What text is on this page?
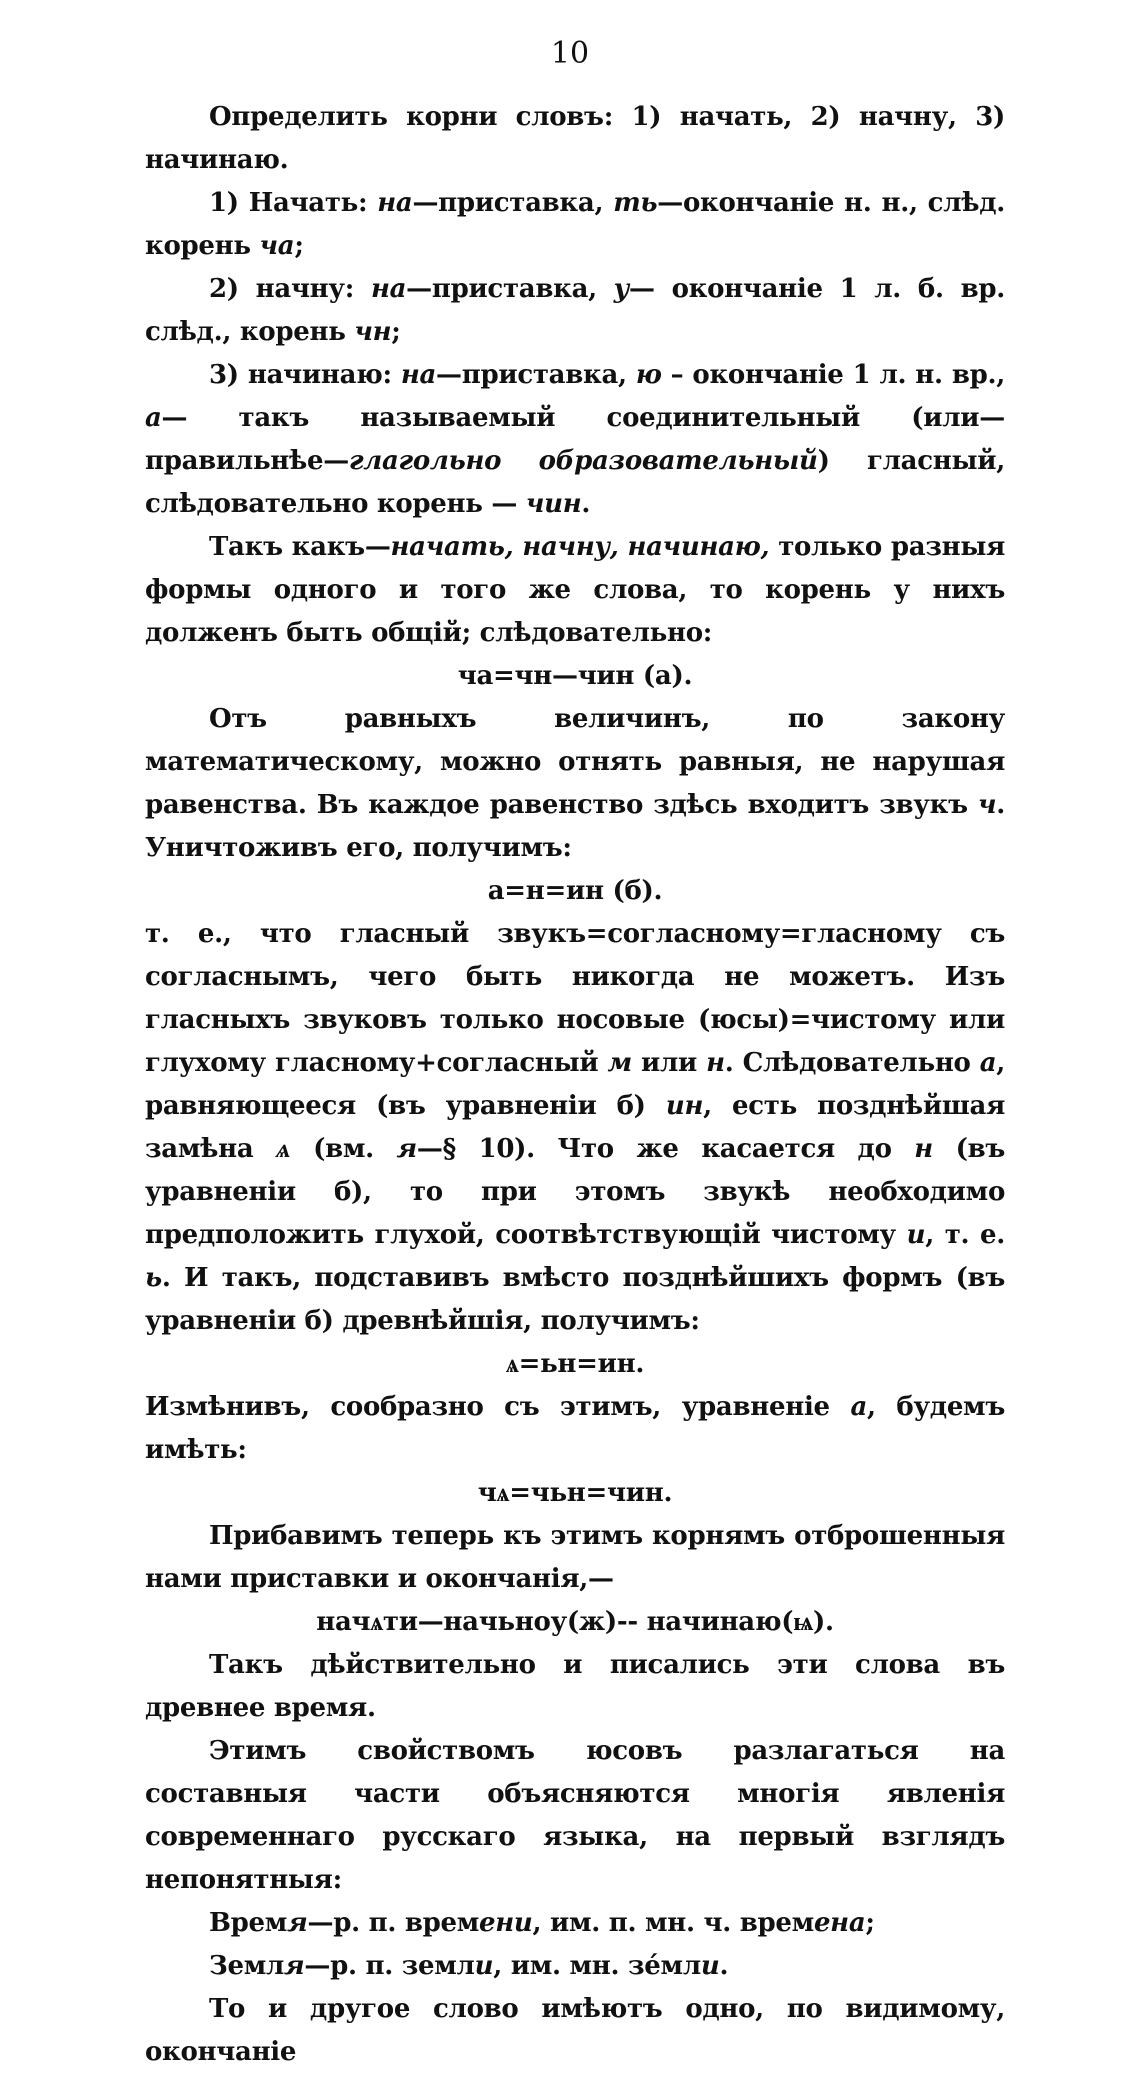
10
Определить корни словъ: 1) начать, 2) начну, 3) начинаю.
1) Начать: на—приставка, ть—окончаніе н. н., слѣд. корень ча;
2) начну: на—приставка, у— окончаніе 1 л. б. вр. слѣд., корень чн;
3) начинаю: на—приставка, ю – окончаніе 1 л. н. вр., а— такъ называемый соединительный (или—правильнѣе—глагольно образовательный) гласный, слѣдовательно корень — чин.
Такъ какъ—начать, начну, начинаю, только разныя формы одного и того же слова, то корень у нихъ долженъ быть общій; слѣдовательно:
ча=чн—чин (а).
Отъ равныхъ величинъ, по закону математическому, можно отнять равныя, не нарушая равенства. Въ каждое равенство здѣсь входитъ звукъ ч. Уничтоживъ его, получимъ:
а=н=ин (б).
т. е., что гласный звукъ=согласному=гласному съ согласнымъ, чего быть никогда не можетъ. Изъ гласныхъ звуковъ только носовые (юсы)=чистому или глухому гласному+согласный м или н. Слѣдовательно а, равняющееся (въ уравненіи б) ин, есть позднѣйшая замѣна ѧ (вм. я—§ 10). Что же касается до н (въ уравненіи б), то при этомъ звукѣ необходимо предположить глухой, соотвѣтствующій чистому и, т. е. ь. И такъ, подставивъ вмѣсто позднѣйшихъ формъ (въ уравненіи б) древнѣйшія, получимъ:
ѧ=ьн=ин.
Измѣнивъ, сообразно съ этимъ, уравненіе а, будемъ имѣть:
чѧ=чьн=чин.
Прибавимъ теперь къ этимъ корнямъ отброшенныя нами приставки и окончанія,—
начѧти—начьноу(ж)-- начинаю(ѩ).
Такъ дѣйствительно и писались эти слова въ древнее время.
Этимъ свойствомъ юсовъ разлагаться на составныя части объясняются многія явленія современнаго русскаго языка, на первый взглядъ непонятныя:
Время—р. п. времени, им. п. мн. ч. времена;
Земля—р. п. земли, им. мн. зе́мли.
То и другое слово имѣютъ одно, по видимому, окончаніе
